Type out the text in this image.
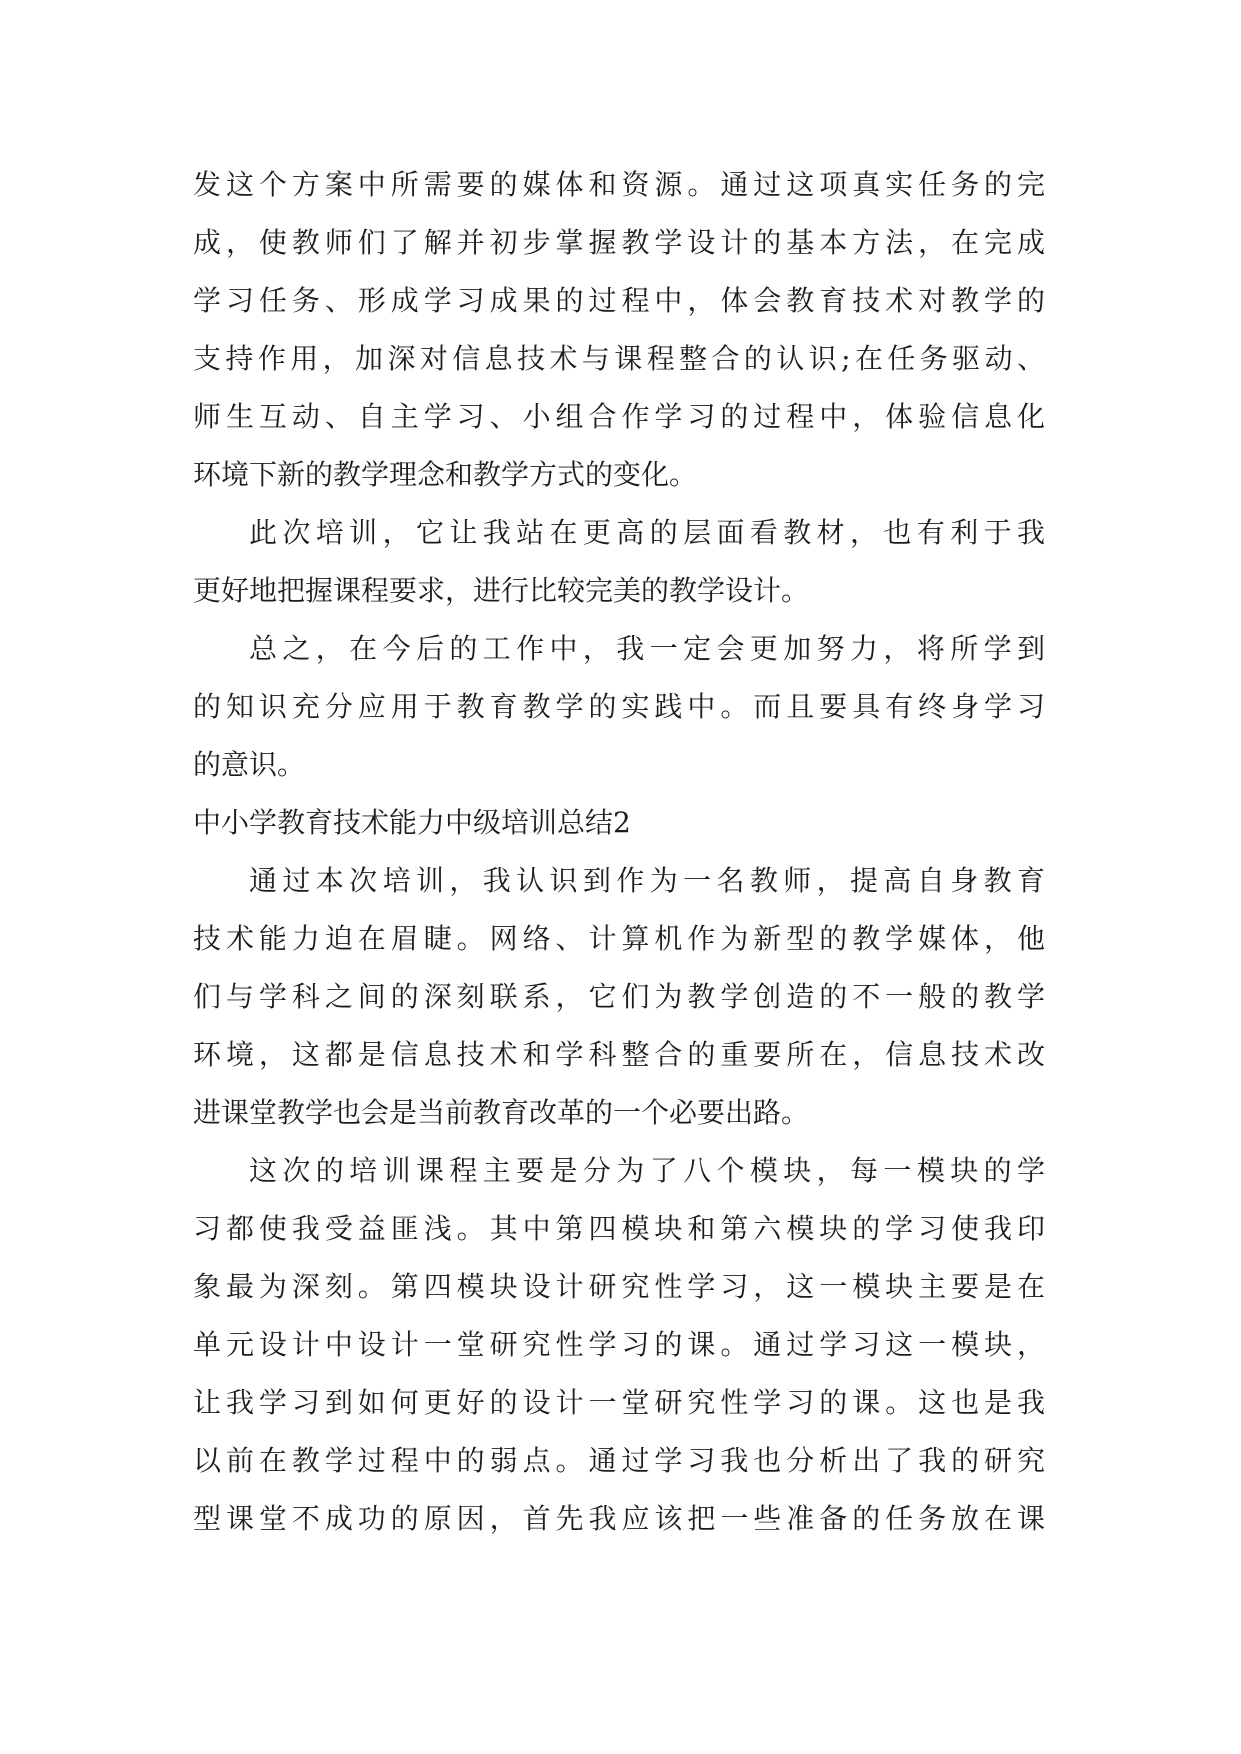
发这个方案中所需要的媒体和资源。通过这项真实任务的完
成，使教师们了解并初步掌握教学设计的基本方法，在完成
学习任务、形成学习成果的过程中，体会教育技术对教学的
支持作用，加深对信息技术与课程整合的认识;在任务驱动、
师生互动、自主学习、小组合作学习的过程中，体验信息化
环境下新的教学理念和教学方式的变化。
此次培训，它让我站在更高的层面看教材，也有利于我
更好地把握课程要求，进行比较完美的教学设计。
总之，在今后的工作中，我一定会更加努力，将所学到
的知识充分应用于教育教学的实践中。而且要具有终身学习
的意识。
中小学教育技术能力中级培训总结2
通过本次培训，我认识到作为一名教师，提高自身教育
技术能力迫在眉睫。网络、计算机作为新型的教学媒体，他
们与学科之间的深刻联系，它们为教学创造的不一般的教学
环境，这都是信息技术和学科整合的重要所在，信息技术改
进课堂教学也会是当前教育改革的一个必要出路。
这次的培训课程主要是分为了八个模块，每一模块的学
习都使我受益匪浅。其中第四模块和第六模块的学习使我印
象最为深刻。第四模块设计研究性学习，这一模块主要是在
单元设计中设计一堂研究性学习的课。通过学习这一模块，
让我学习到如何更好的设计一堂研究性学习的课。这也是我
以前在教学过程中的弱点。通过学习我也分析出了我的研究
型课堂不成功的原因，首先我应该把一些准备的任务放在课
